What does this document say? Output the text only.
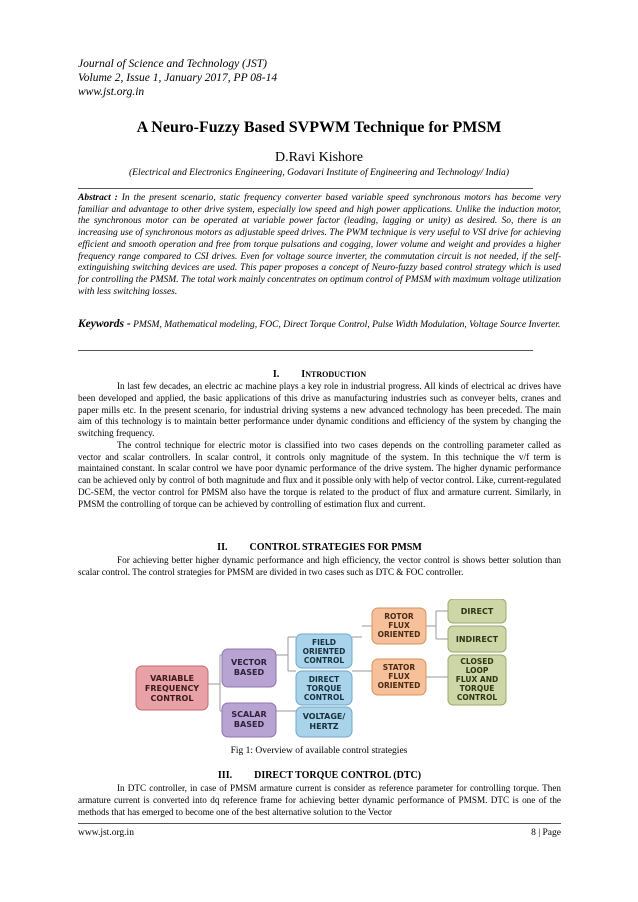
Journal of Science and Technology (JST)
Volume 2, Issue 1, January 2017, PP 08-14
www.jst.org.in
A Neuro-Fuzzy Based SVPWM Technique for PMSM
D.Ravi Kishore
(Electrical and Electronics Engineering, Godavari Institute of Engineering and Technology/ India)
Abstract : In the present scenario, static frequency converter based variable speed synchronous motors has become very familiar and advantage to other drive system, especially low speed and high power applications. Unlike the induction motor, the synchronous motor can be operated at variable power factor (leading, lagging or unity) as desired. So, there is an increasing use of synchronous motors as adjustable speed drives. The PWM technique is very useful to VSI drive for achieving efficient and smooth operation and free from torque pulsations and cogging, lower volume and weight and provides a higher frequency range compared to CSI drives. Even for voltage source inverter, the commutation circuit is not needed, if the self-extinguishing switching devices are used. This paper proposes a concept of Neuro-fuzzy based control strategy which is used for controlling the PMSM. The total work mainly concentrates on optimum control of PMSM with maximum voltage utilization with less switching losses.
Keywords - PMSM, Mathematical modeling, FOC, Direct Torque Control, Pulse Width Modulation, Voltage Source Inverter.
I. INTRODUCTION

In last few decades, an electric ac machine plays a key role in industrial progress. All kinds of electrical ac drives have been developed and applied, the basic applications of this drive as manufacturing industries such as conveyer belts, cranes and paper mills etc. In the present scenario, for industrial driving systems a new advanced technology has been preceded. The main aim of this technology is to maintain better performance under dynamic conditions and efficiency of the system by changing the switching frequency.

The control technique for electric motor is classified into two cases depends on the controlling parameter called as vector and scalar controllers. In scalar control, it controls only magnitude of the system. In this technique the v/f term is maintained constant. In scalar control we have poor dynamic performance of the drive system. The higher dynamic performance can be achieved only by control of both magnitude and flux and it possible only with help of vector control. Like, current-regulated DC-SEM, the vector control for PMSM also have the torque is related to the product of flux and armature current. Similarly, in PMSM the controlling of torque can be achieved by controlling of estimation flux and current.

II. CONTROL STRATEGIES FOR PMSM

For achieving better higher dynamic performance and high efficiency, the vector control is shows better solution than scalar control. The control strategies for PMSM are divided in two cases such as DTC & FOC controller.

VARIABLE
FREQUENCY
CONTROL
VECTOR
BASED
SCALAR
BASED
FIELD
ORIENTED
CONTROL
DIRECT
TORQUE
CONTROL
VOLTAGE/
HERTZ
ROTOR
FLUX
ORIENTED
STATOR
FLUX
ORIENTED
DIRECT
INDIRECT
CLOSED
LOOP
FLUX AND
TORQUE
CONTROL
Fig 1: Overview of available control strategies
III. DIRECT TORQUE CONTROL (DTC)

In DTC controller, in case of PMSM armature current is consider as reference parameter for controlling torque. Then armature current is converted into dq reference frame for achieving better dynamic performance of PMSM. DTC is one of the methods that has emerged to become one of the best alternative solution to the Vector

www.jst.org.in	8 | Page
